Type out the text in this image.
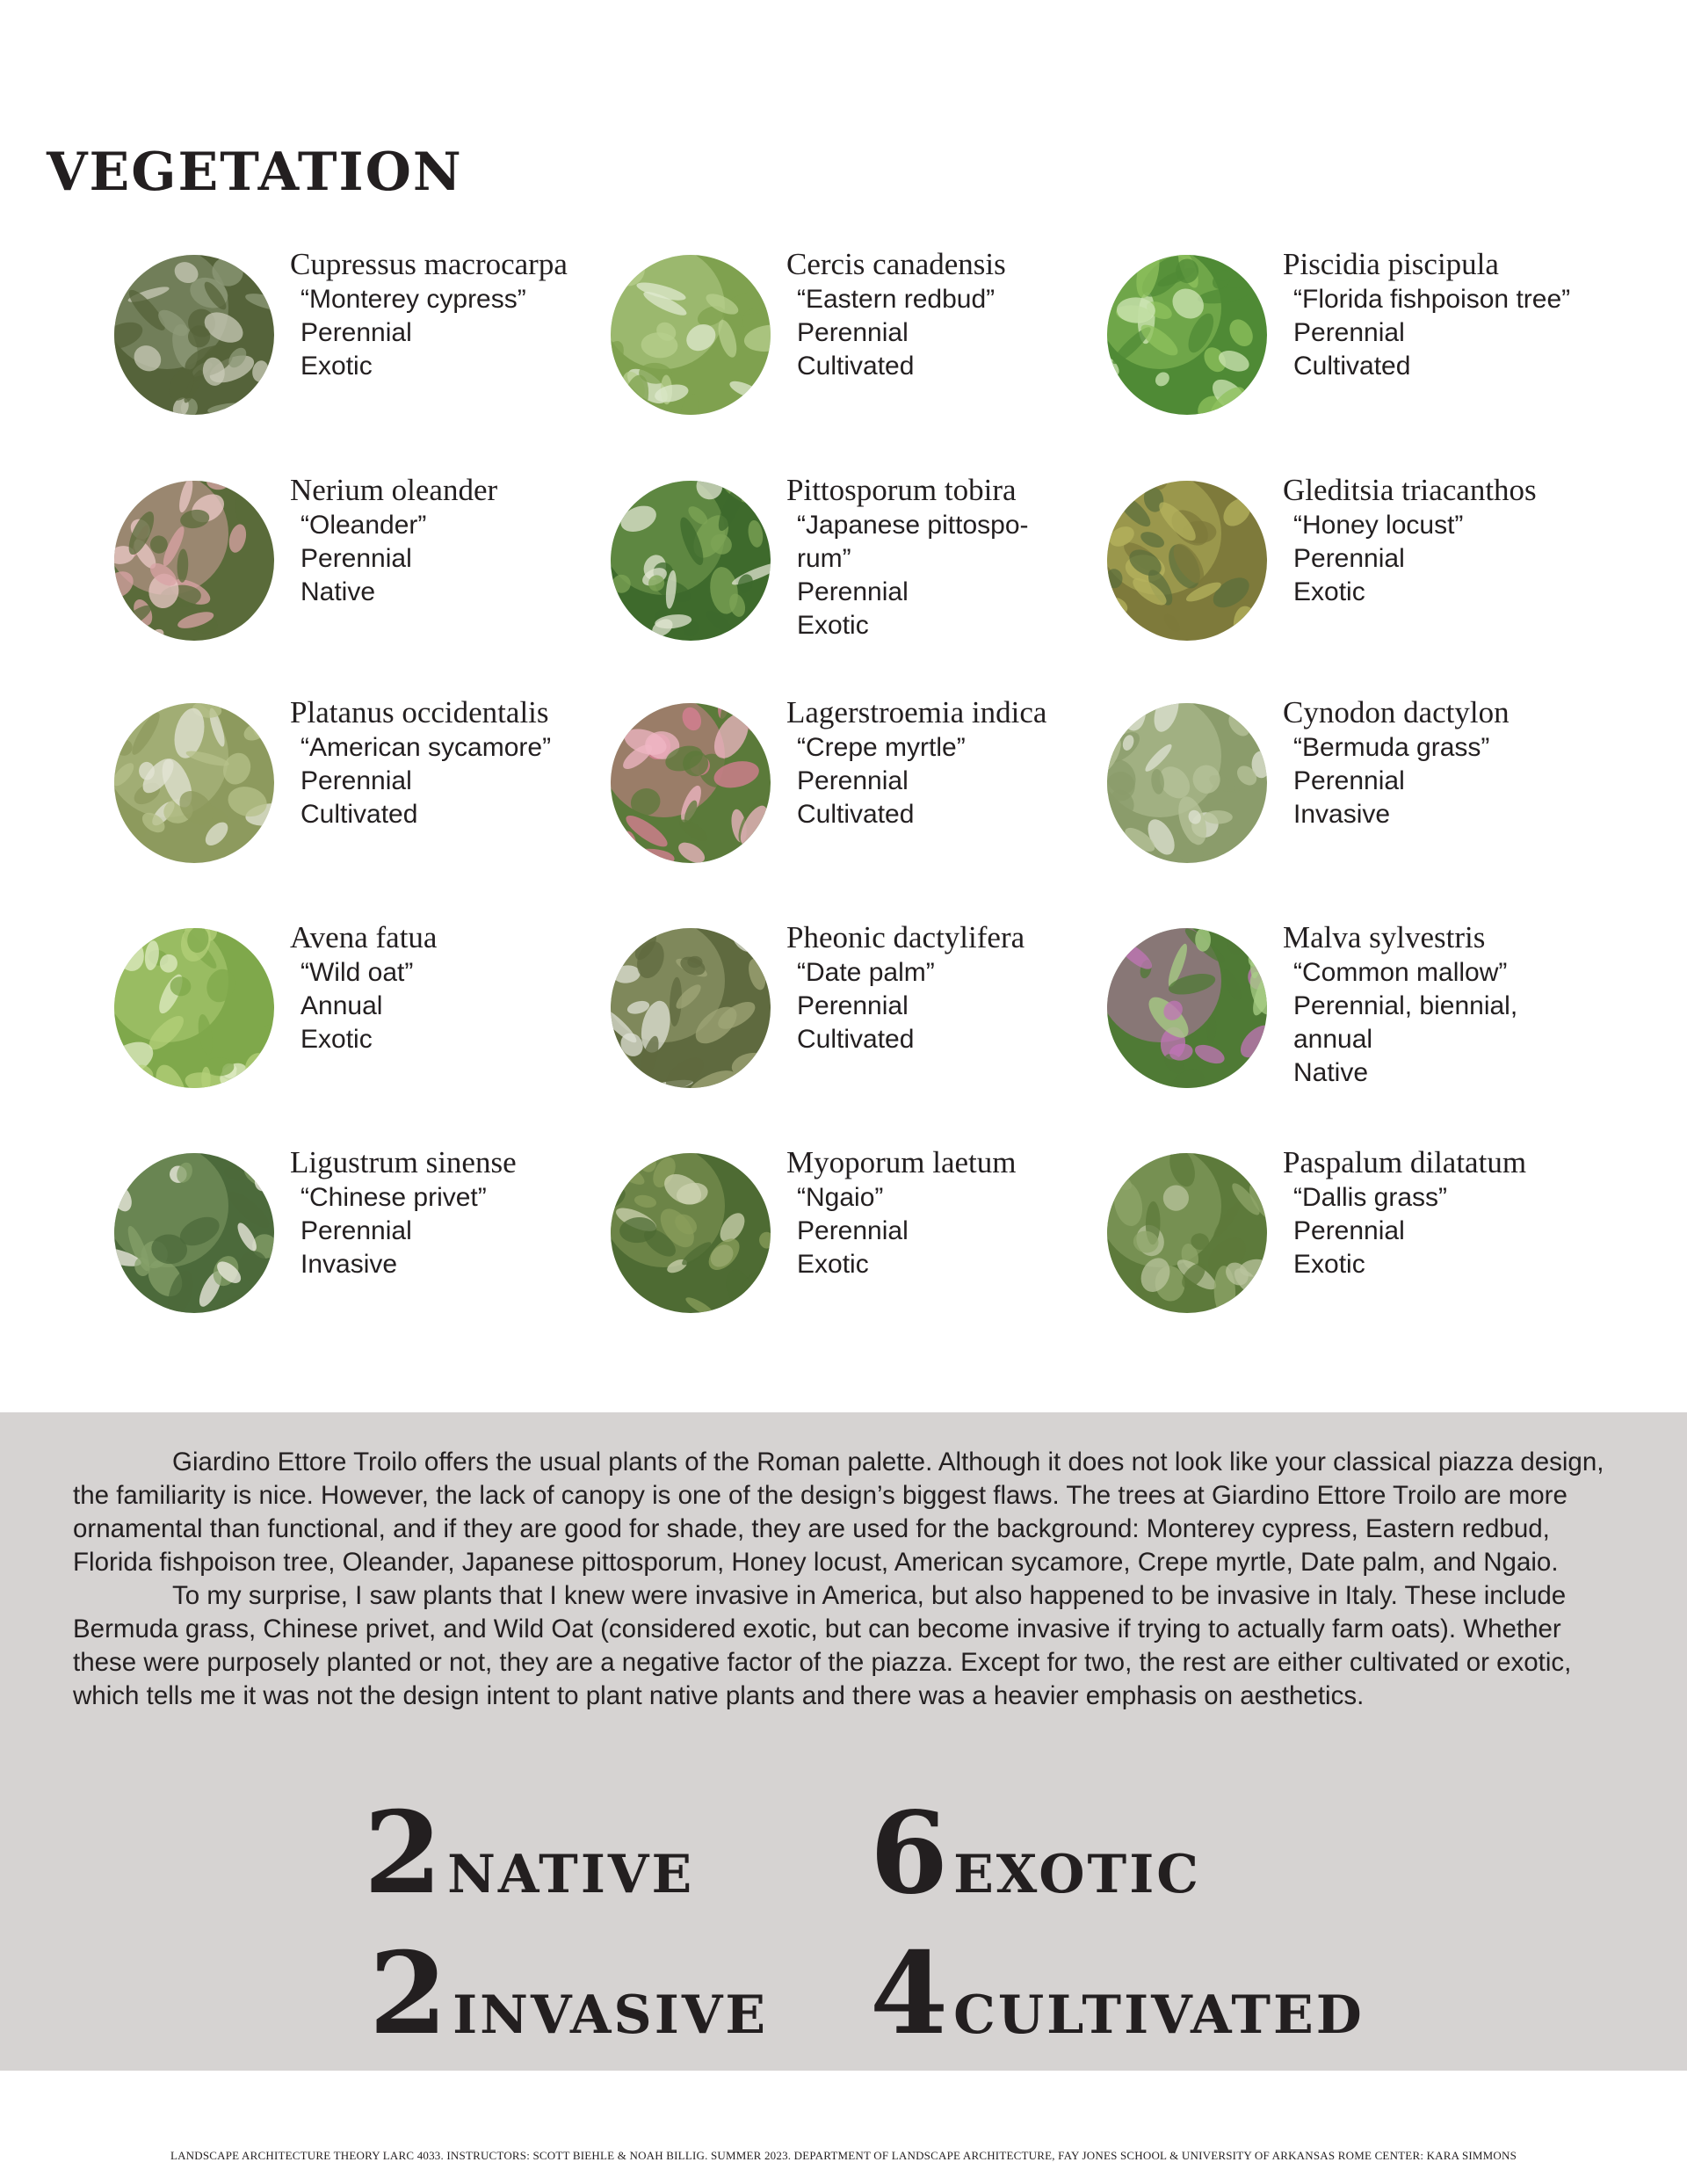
VEGETATION
Cupressus macrocarpa
“Monterey cypress”
Perennial
Exotic
Cercis canadensis
“Eastern redbud”
Perennial
Cultivated
Piscidia piscipula
“Florida fishpoison tree”
Perennial
Cultivated
Nerium oleander
“Oleander”
Perennial
Native
Pittosporum tobira
“Japanese pittospo-
rum”
Perennial
Exotic
Gleditsia triacanthos
“Honey locust”
Perennial
Exotic
Platanus occidentalis
“American sycamore”
Perennial
Cultivated
Lagerstroemia indica
“Crepe myrtle”
Perennial
Cultivated
Cynodon dactylon
“Bermuda grass”
Perennial
Invasive
Avena fatua
“Wild oat”
Annual
Exotic
Pheonic dactylifera
“Date palm”
Perennial
Cultivated
Malva sylvestris
“Common mallow”
Perennial, biennial,
annual
Native
Ligustrum sinense
“Chinese privet”
Perennial
Invasive
Myoporum laetum
“Ngaio”
Perennial
Exotic
Paspalum dilatatum
“Dallis grass”
Perennial
Exotic

Giardino Ettore Troilo offers the usual plants of the Roman palette. Although it does not look like your classical piazza design, the familiarity is nice. However, the lack of canopy is one of the design’s biggest flaws. The trees at Giardino Ettore Troilo are more ornamental than functional, and if they are good for shade, they are used for the background: Monterey cypress, Eastern redbud, Florida fishpoison tree, Oleander, Japanese pittosporum, Honey locust, American sycamore, Crepe myrtle, Date palm, and Ngaio.

To my surprise, I saw plants that I knew were invasive in America, but also happened to be invasive in Italy. These include Bermuda grass, Chinese privet, and Wild Oat (considered exotic, but can become invasive if trying to actually farm oats). Whether these were purposely planted or not, they are a negative factor of the piazza. Except for two, the rest are either cultivated or exotic, which tells me it was not the design intent to plant native plants and there was a heavier emphasis on aesthetics.

2 NATIVE 6 EXOTIC
2 INVASIVE 4 CULTIVATED
LANDSCAPE ARCHITECTURE THEORY LARC 4033. INSTRUCTORS: SCOTT BIEHLE & NOAH BILLIG. SUMMER 2023. DEPARTMENT OF LANDSCAPE ARCHITECTURE, FAY JONES SCHOOL & UNIVERSITY OF ARKANSAS ROME CENTER: KARA SIMMONS
